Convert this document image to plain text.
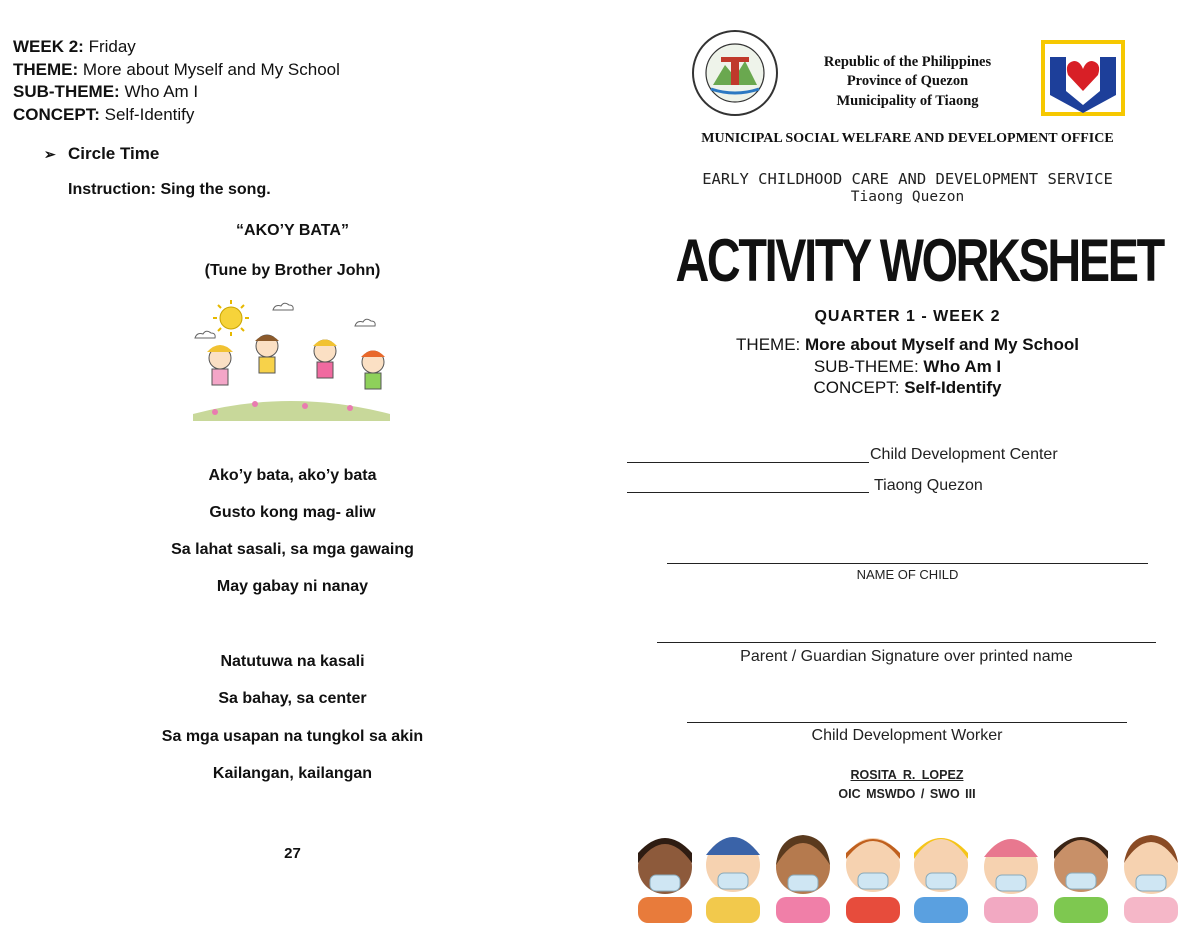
WEEK 2: Friday
THEME: More about Myself and My School
SUB-THEME: Who Am I
CONCEPT: Self-Identify
➢ Circle Time
Instruction: Sing the song.
“AKO’Y BATA”
(Tune by Brother John)
Ako’y bata, ako’y bata
Gusto kong mag- aliw
Sa lahat sasali, sa mga gawaing
May gabay ni nanay
Natutuwa na kasali
Sa bahay, sa center
Sa mga usapan na tungkol sa akin
Kailangan, kailangan
27
Republic of the Philippines
Province of Quezon
Municipality of Tiaong
MUNICIPAL SOCIAL WELFARE AND DEVELOPMENT OFFICE
EARLY CHILDHOOD CARE AND DEVELOPMENT SERVICE
Tiaong Quezon
ACTIVITY WORKSHEET
QUARTER 1 - WEEK 2
THEME: More about Myself and My School
SUB-THEME: Who Am I
CONCEPT: Self-Identify
Child Development Center
Tiaong Quezon
NAME OF CHILD
Parent / Guardian Signature over printed name
Child Development Worker
ROSITA R. LOPEZ
OIC MSWDO / SWO III
